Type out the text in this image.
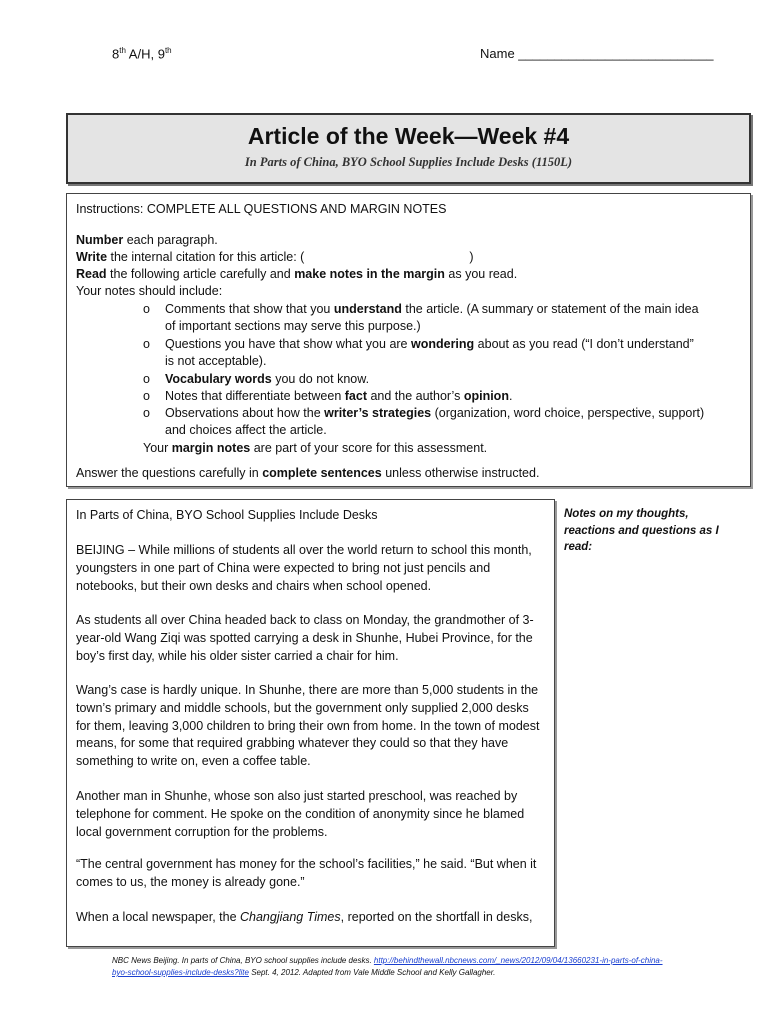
8th A/H, 9th	Name ___________________________
Article of the Week—Week #4
In Parts of China, BYO School Supplies Include Desks (1150L)
Instructions: COMPLETE ALL QUESTIONS AND MARGIN NOTES
Number each paragraph.
Write the internal citation for this article: (	)
Read the following article carefully and make notes in the margin as you read.
Your notes should include:
o Comments that show that you understand the article. (A summary or statement of the main idea
of important sections may serve this purpose.)
o Questions you have that show what you are wondering about as you read (“I don’t understand”
is not acceptable).
o Vocabulary words you do not know.
o Notes that differentiate between fact and the author’s opinion.
o Observations about how the writer’s strategies (organization, word choice, perspective, support)
and choices affect the article.
Your margin notes are part of your score for this assessment.
Answer the questions carefully in complete sentences unless otherwise instructed.
In Parts of China, BYO School Supplies Include Desks
BEIJING – While millions of students all over the world return to school this month, youngsters in one part of China were expected to bring not just pencils and notebooks, but their own desks and chairs when school opened.
As students all over China headed back to class on Monday, the grandmother of 3-year-old Wang Ziqi was spotted carrying a desk in Shunhe, Hubei Province, for the boy’s first day, while his older sister carried a chair for him.
Wang’s case is hardly unique. In Shunhe, there are more than 5,000 students in the town’s primary and middle schools, but the government only supplied 2,000 desks for them, leaving 3,000 children to bring their own from home. In the town of modest means, for some that required grabbing whatever they could so that they have something to write on, even a coffee table.
Another man in Shunhe, whose son also just started preschool, was reached by telephone for comment. He spoke on the condition of anonymity since he blamed local government corruption for the problems.
“The central government has money for the school’s facilities,” he said. “But when it comes to us, the money is already gone.”
When a local newspaper, the Changjiang Times, reported on the shortfall in desks,
Notes on my thoughts, reactions and questions as I read:
NBC News Beijing. In parts of China, BYO school supplies include desks. http://behindthewall.nbcnews.com/_news/2012/09/04/13660231-in-parts-of-china-byo-school-supplies-include-desks?lite Sept. 4, 2012. Adapted from Vale Middle School and Kelly Gallagher.
